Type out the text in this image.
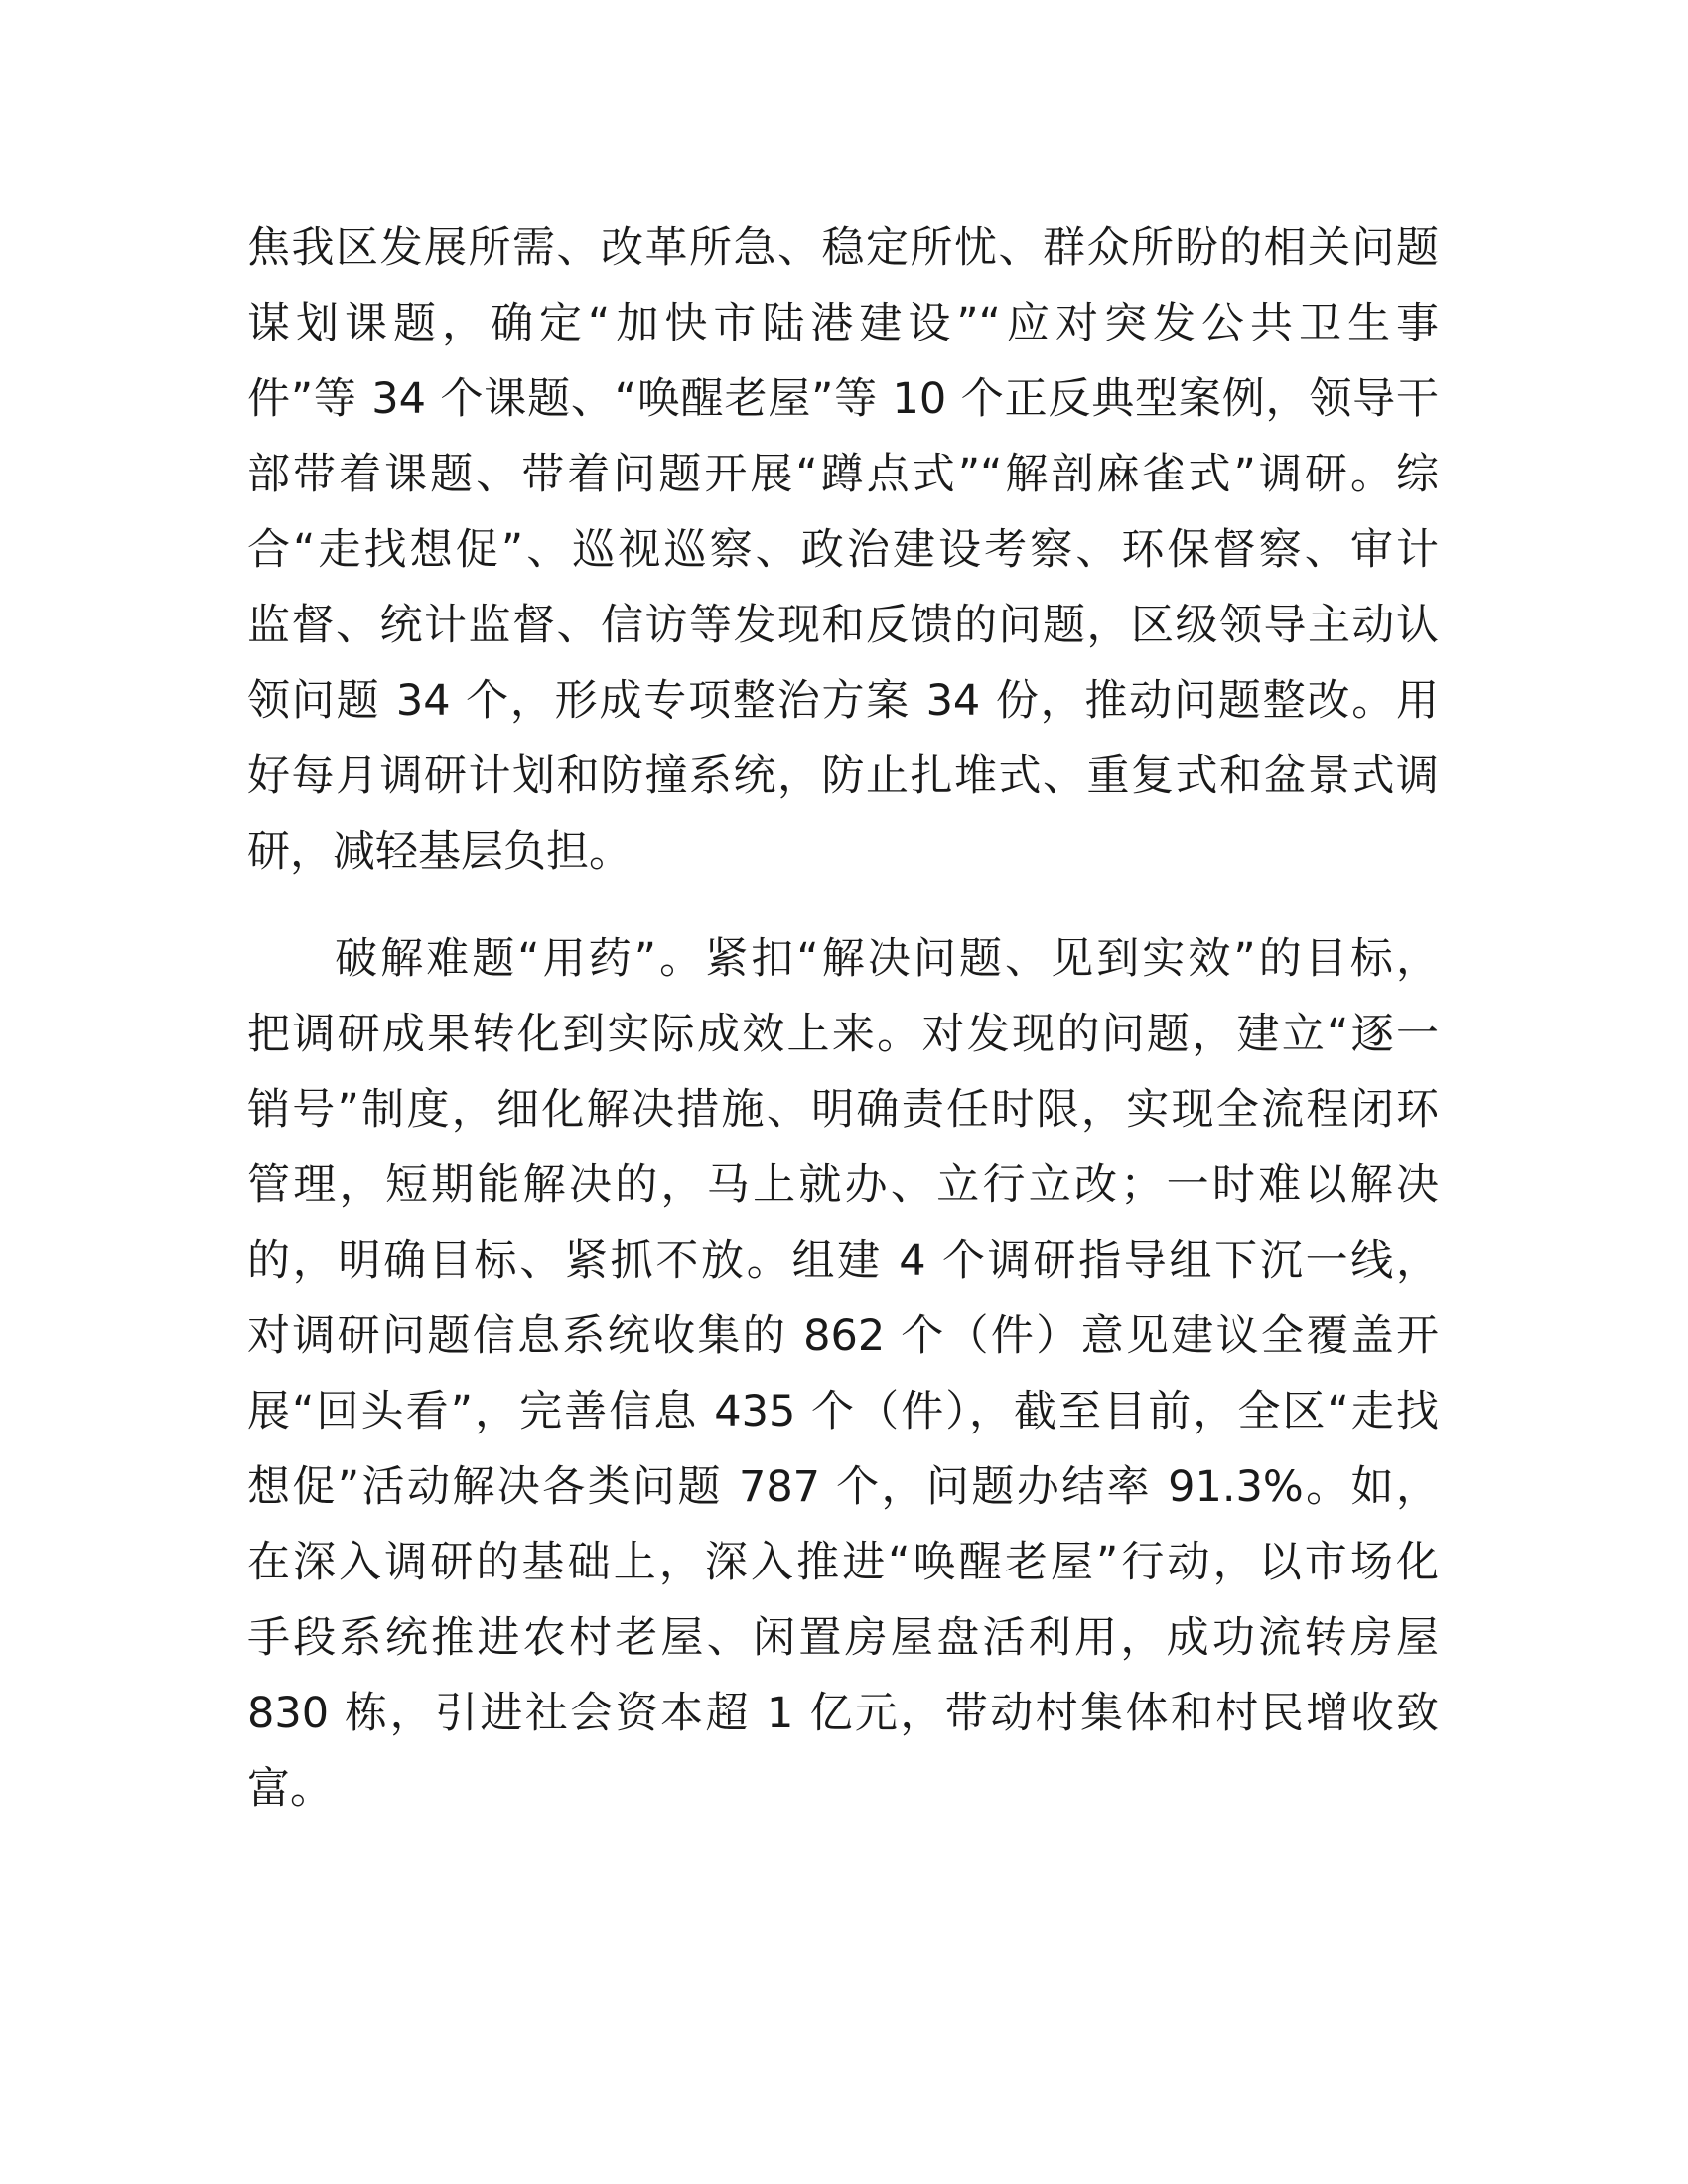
焦我区发展所需、改革所急、稳定所忧、群众所盼的相关问题
谋划课题，确定“加快市陆港建设”“应对突发公共卫生事
件”等 34 个课题、“唤醒老屋”等 10 个正反典型案例，领导干
部带着课题、带着问题开展“蹲点式”“解剖麻雀式”调研。综
合“走找想促”、巡视巡察、政治建设考察、环保督察、审计
监督、统计监督、信访等发现和反馈的问题，区级领导主动认
领问题 34 个，形成专项整治方案 34 份，推动问题整改。用
好每月调研计划和防撞系统，防止扎堆式、重复式和盆景式调
研，减轻基层负担。
破解难题“用药”。紧扣“解决问题、见到实效”的目标，
把调研成果转化到实际成效上来。对发现的问题，建立“逐一
销号”制度，细化解决措施、明确责任时限，实现全流程闭环
管理，短期能解决的，马上就办、立行立改；一时难以解决
的，明确目标、紧抓不放。组建 4 个调研指导组下沉一线，
对调研问题信息系统收集的 862 个（件）意见建议全覆盖开
展“回头看”，完善信息 435 个（件），截至目前，全区“走找
想促”活动解决各类问题 787 个，问题办结率 91.3%。如，
在深入调研的基础上，深入推进“唤醒老屋”行动，以市场化
手段系统推进农村老屋、闲置房屋盘活利用，成功流转房屋
830 栋，引进社会资本超 1 亿元，带动村集体和村民增收致
富。
